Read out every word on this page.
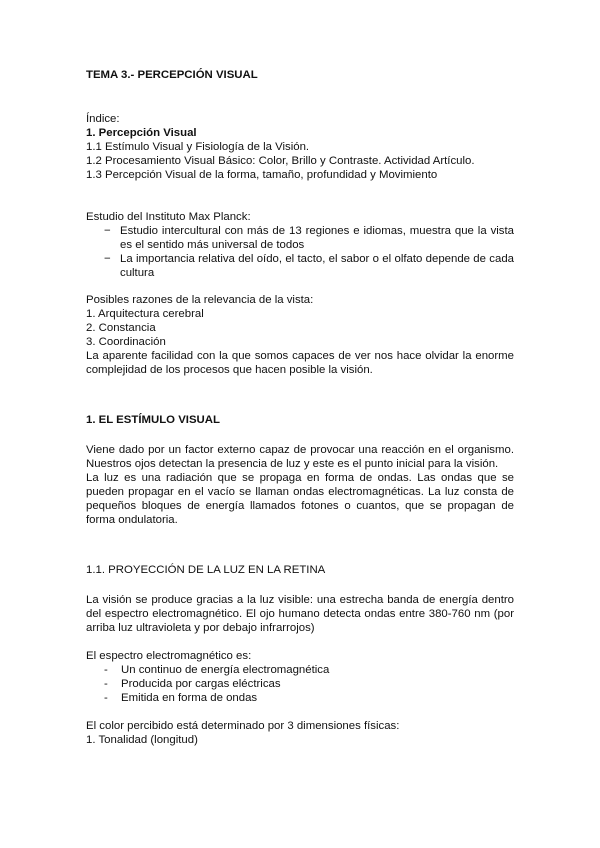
TEMA 3.- PERCEPCIÓN VISUAL

Índice:

1. Percepción Visual

1.1 Estímulo Visual y Fisiología de la Visión.

1.2 Procesamiento Visual Básico: Color, Brillo y Contraste. Actividad Artículo.

1.3 Percepción Visual de la forma, tamaño, profundidad y Movimiento

Estudio del Instituto Max Planck:

− Estudio intercultural con más de 13 regiones e idiomas, muestra que la vista es el sentido más universal de todos
− La importancia relativa del oído, el tacto, el sabor o el olfato depende de cada cultura

Posibles razones de la relevancia de la vista:

1. Arquitectura cerebral

2. Constancia

3. Coordinación

La aparente facilidad con la que somos capaces de ver nos hace olvidar la enorme complejidad de los procesos que hacen posible la visión.

1. EL ESTÍMULO VISUAL

Viene dado por un factor externo capaz de provocar una reacción en el organismo. Nuestros ojos detectan la presencia de luz y este es el punto inicial para la visión.

La luz es una radiación que se propaga en forma de ondas. Las ondas que se pueden propagar en el vacío se llaman ondas electromagnéticas. La luz consta de pequeños bloques de energía llamados fotones o cuantos, que se propagan de forma ondulatoria.

1.1. PROYECCIÓN DE LA LUZ EN LA RETINA

La visión se produce gracias a la luz visible: una estrecha banda de energía dentro del espectro electromagnético. El ojo humano detecta ondas entre 380-760 nm (por arriba luz ultravioleta y por debajo infrarrojos)

El espectro electromagnético es:

- Un continuo de energía electromagnética
- Producida por cargas eléctricas
- Emitida en forma de ondas

El color percibido está determinado por 3 dimensiones físicas:

1. Tonalidad (longitud)
